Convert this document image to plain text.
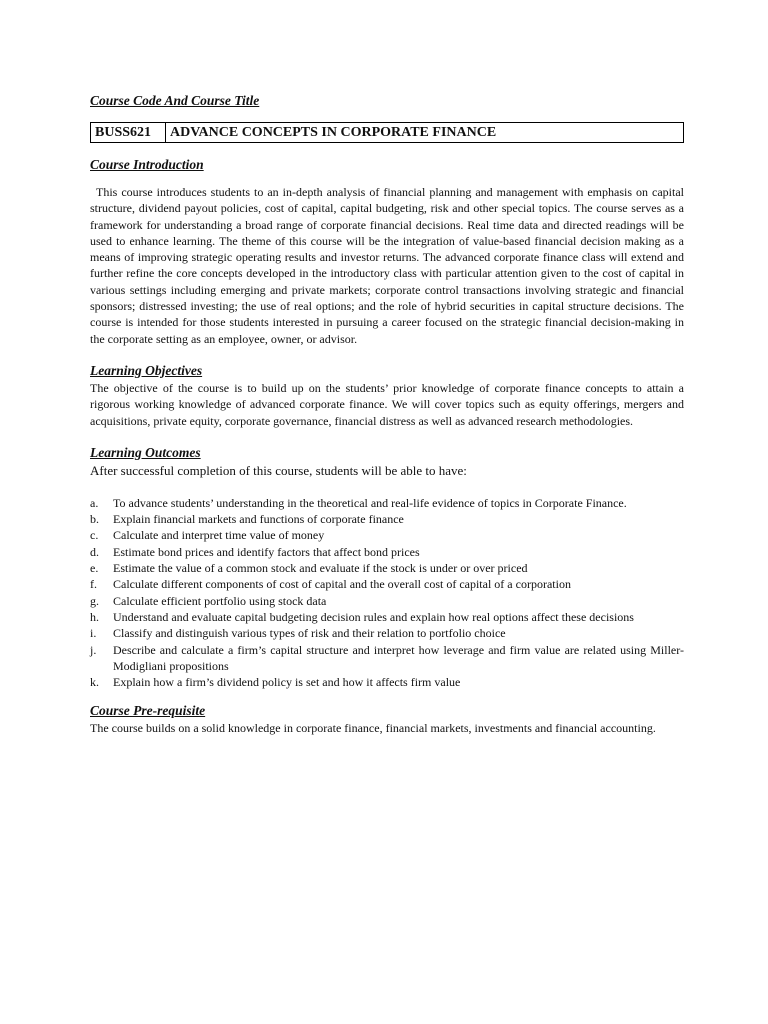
Course Code And Course Title

BUSS621	ADVANCE CONCEPTS IN CORPORATE FINANCE

Course Introduction

This course introduces students to an in-depth analysis of financial planning and management with emphasis on capital structure, dividend payout policies, cost of capital, capital budgeting, risk and other special topics. The course serves as a framework for understanding a broad range of corporate financial decisions. Real time data and directed readings will be used to enhance learning. The theme of this course will be the integration of value-based financial decision making as a means of improving strategic operating results and investor returns. The advanced corporate finance class will extend and further refine the core concepts developed in the introductory class with particular attention given to the cost of capital in various settings including emerging and private markets; corporate control transactions involving strategic and financial sponsors; distressed investing; the use of real options; and the role of hybrid securities in capital structure decisions. The course is intended for those students interested in pursuing a career focused on the strategic financial decision-making in the corporate setting as an employee, owner, or advisor.

Learning Objectives

The objective of the course is to build up on the students’ prior knowledge of corporate finance concepts to attain a rigorous working knowledge of advanced corporate finance. We will cover topics such as equity offerings, mergers and acquisitions, private equity, corporate governance, financial distress as well as advanced research methodologies.

Learning Outcomes

After successful completion of this course, students will be able to have:

a.	To advance students’ understanding in the theoretical and real-life evidence of topics in Corporate Finance.
b.	Explain financial markets and functions of corporate finance
c.	Calculate and interpret time value of money
d.	Estimate bond prices and identify factors that affect bond prices
e.	Estimate the value of a common stock and evaluate if the stock is under or over priced
f.	Calculate different components of cost of capital and the overall cost of capital of a corporation
g.	Calculate efficient portfolio using stock data
h.	Understand and evaluate capital budgeting decision rules and explain how real options affect these decisions
i.	Classify and distinguish various types of risk and their relation to portfolio choice
j.	Describe and calculate a firm’s capital structure and interpret how leverage and firm value are related using Miller-Modigliani propositions
k.	Explain how a firm’s dividend policy is set and how it affects firm value

Course Pre-requisite

The course builds on a solid knowledge in corporate finance, financial markets, investments and financial accounting.
